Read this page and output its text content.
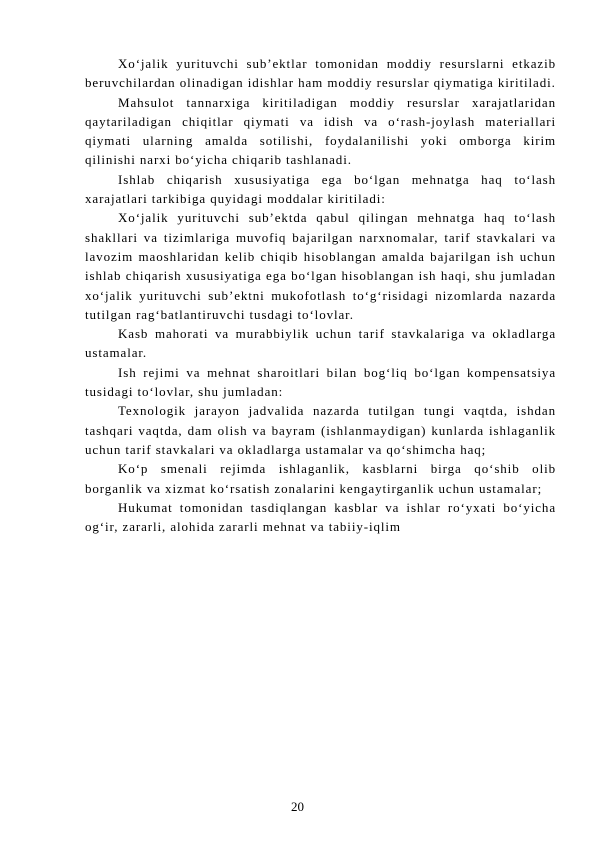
Xo‘jalik yurituvchi sub’ektlar tomonidan moddiy resurslarni etkazib beruvchilardan olinadigan idishlar ham moddiy resurslar qiymatiga kiritiladi.

Mahsulot tannarxiga kiritiladigan moddiy resurslar xarajatlaridan qaytariladigan chiqitlar qiymati va idish va o‘rash-joylash materiallari qiymati ularning amalda sotilishi, foydalanilishi yoki omborga kirim qilinishi narxi bo‘yicha chiqarib tashlanadi.

Ishlab chiqarish xususiyatiga ega bo‘lgan mehnatga haq to‘lash xarajatlari tarkibiga quyidagi moddalar kiritiladi:

Xo‘jalik yurituvchi sub’ektda qabul qilingan mehnatga haq to‘lash shakllari va tizimlariga muvofiq bajarilgan narxnomalar, tarif stavkalari va lavozim maoshlaridan kelib chiqib hisoblangan amalda bajarilgan ish uchun ishlab chiqarish xususiyatiga ega bo‘lgan hisoblangan ish haqi, shu jumladan xo‘jalik yurituvchi sub’ektni mukofotlash to‘g‘risidagi nizomlarda nazarda tutilgan rag‘batlantiruvchi tusdagi to‘lovlar.

Kasb mahorati va murabbiylik uchun tarif stavkalariga va okladlarga ustamalar.

Ish rejimi va mehnat sharoitlari bilan bog‘liq bo‘lgan kompensatsiya tusidagi to‘lovlar, shu jumladan:

Texnologik jarayon jadvalida nazarda tutilgan tungi vaqtda, ishdan tashqari vaqtda, dam olish va bayram (ishlanmaydigan) kunlarda ishlaganlik uchun tarif stavkalari va okladlarga ustamalar va qo‘shimcha haq;

Ko‘p smenali rejimda ishlaganlik, kasblarni birga qo‘shib olib borganlik va xizmat ko‘rsatish zonalarini kengaytirganlik uchun ustamalar;

Hukumat tomonidan tasdiqlangan kasblar va ishlar ro‘yxati bo‘yicha og‘ir, zararli, alohida zararli mehnat va tabiiy-iqlim

20
